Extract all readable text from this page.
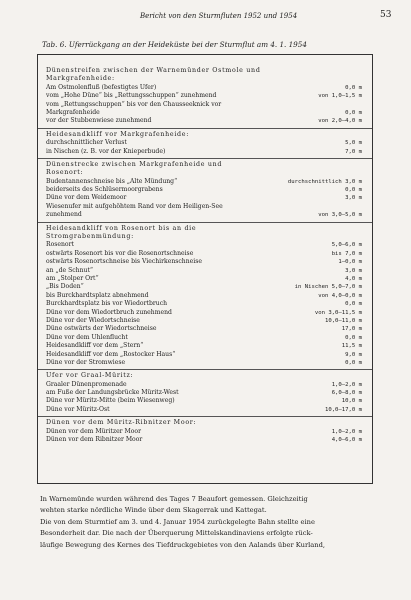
Bericht von den Sturmfluten 1952 und 1954	53
Tab. 6. Uferrückgang an der Heideküste bei der Sturmflut am 4. 1. 1954
Dünenstreifen zwischen der Warnemünder Ostmole und
Markgrafenheide:
Am Ostmolenfluß (befestigtes Ufer)	0,0 m
vom „Hohe Düne“ bis „Rettungsschuppen“ zunehmend	von 1,0—1,5 m
vom „Rettungsschuppen“ bis vor den Chausseeknick vor
Markgrafenheide	0,0 m
vor der Stubbenwiese zunehmend	von 2,0—4,0 m
Heidesandkliff vor Markgrafenheide:
durchschnittlicher Verlust	5,0 m
in Nischen (z. B. vor der Knieperbude)	7,0 m
Dünenstrecke zwischen Markgrafenheide und
Rosenort:
Budentannenschneise bis „Alte Mündung“	durchschnittlich 3,0 m
beiderseits des Schlüsermoorgrabens	0,0 m
Düne vor dem Weidemoor	3,0 m
Wiesenufer mit aufgehöhtem Rand vor dem Heiligen-See
zunehmend	von 3,0—5,0 m
Heidesandkliff von Rosenort bis an die
Stromgrabenmündung:
Rosenort	5,0—6,0 m
ostwärts Rosenort bis vor die Rosenortschneise	bis 7,0 m
ostwärts Rosenortschneise bis Viechirkenschneise	1—0,0 m
an „de Schnut“	3,0 m
am „Stolper Ort“	4,0 m
„Bis Doden“	in Nischen 5,0—7,0 m
bis Burckhardtsplatz abnehmend	von 4,0—0,0 m
Burckhardtsplatz bis vor Wiedortbruch	0,0 m
Düne vor dem Wiedortbruch zunehmend	von 3,0—11,5 m
Düne vor der Wiedortschneise	10,0—11,0 m
Düne ostwärts der Wiedortschneise	17,0 m
Düne vor dem Uhlenflucht	0,0 m
Heidesandkliff vor dem „Stern“	11,5 m
Heidesandkliff vor dem „Rostocker Haus“	9,0 m
Düne vor der Stromwiese	0,0 m
Ufer vor Graal-Müritz:
Graaler Dünenpromenade	1,0—2,0 m
am Fuße der Landungsbrücke Müritz-West	6,0—8,0 m
Düne vor Müritz-Mitte (beim Wiesenweg)	10,0 m
Düne vor Müritz-Ost	10,0—17,0 m
Dünen vor dem Müritz-Ribnitzer Moor:
Dünen vor dem Müritzer Moor	1,0—2,0 m
Dünen vor dem Ribnitzer Moor	4,0—6,0 m

In Warnemünde wurden während des Tages 7 Beaufort gemessen. Gleichzeitig

wehten starke nördliche Winde über dem Skagerrak und Kattegat.

Die von dem Sturmtief am 3. und 4. Januar 1954 zurückgelegte Bahn stellte eine

Besonderheit dar. Die nach der Überquerung Mittelskandinaviens erfolgte rück-

läufige Bewegung des Kernes des Tiefdruckgebietes von den Aalands über Kurland,
